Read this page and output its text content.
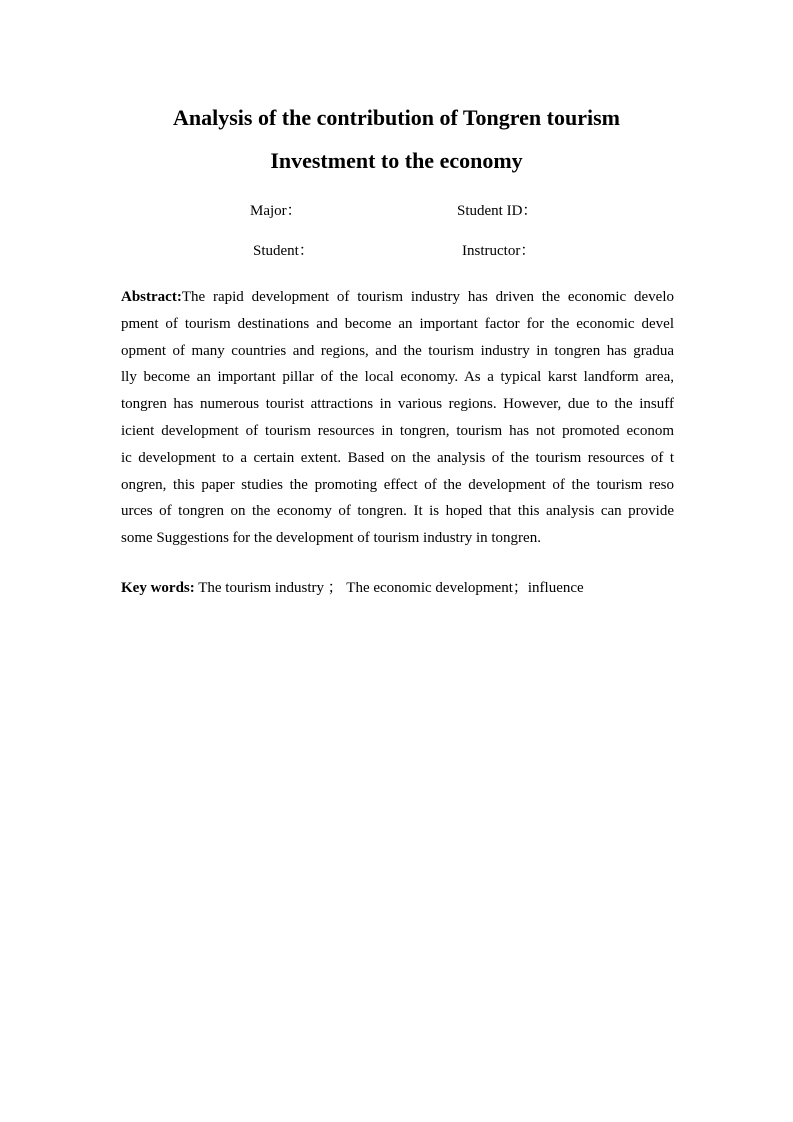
Analysis of the contribution of Tongren tourism
Investment to the economy
Major：	Student ID：
Student：	Instructor：
Abstract:The rapid development of tourism industry has driven the economic develo
pment of tourism destinations and become an important factor for the economic devel
opment of many countries and regions, and the tourism industry in tongren has gradua
lly become an important pillar of the local economy. As a typical karst landform area,
tongren has numerous tourist attractions in various regions. However, due to the insuff
icient development of tourism resources in tongren, tourism has not promoted econom
ic development to a certain extent. Based on the analysis of the tourism resources of t
ongren, this paper studies the promoting effect of the development of the tourism reso
urces of tongren on the economy of tongren. It is hoped that this analysis can provide
some Suggestions for the development of tourism industry in tongren.
Key words: The tourism industry ； The economic development；influence
